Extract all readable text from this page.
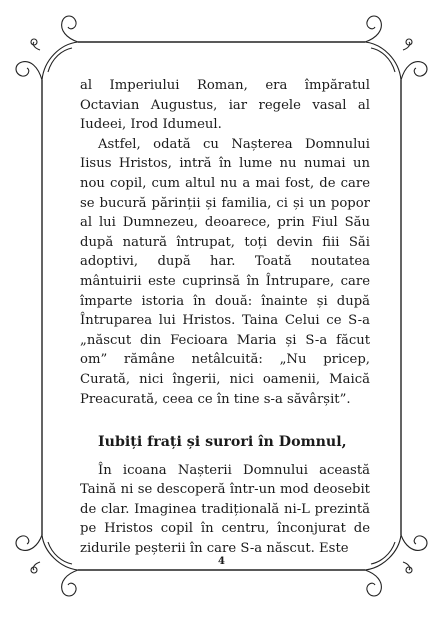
al Imperiului Roman, era împăratul Octavian Augustus, iar regele vasal al Iudeei, Irod Idumeul.

Astfel, odată cu Nașterea Domnului Iisus Hristos, intră în lume nu numai un nou copil, cum altul nu a mai fost, de care se bucură părinții și familia, ci și un popor al lui Dumnezeu, deoarece, prin Fiul Său după natură întrupat, toți devin fiii Săi adoptivi, după har. Toată noutatea mântuirii este cuprinsă în Întrupare, care împarte istoria în două: înainte și după Întruparea lui Hristos. Taina Celui ce S-a „născut din Fecioara Maria și S-a făcut om” rămâne netâlcuită: „Nu pricep, Curată, nici îngerii, nici oamenii, Maică Preacurată, ceea ce în tine s-a săvârșit”.

Iubiți frați și surori în Domnul,

În icoana Nașterii Domnului această Taină ni se descoperă într-un mod deosebit de clar. Imaginea tradițională ni-L prezintă pe Hristos copil în centru, înconjurat de zidurile peșterii în care S-a născut. Este

4
